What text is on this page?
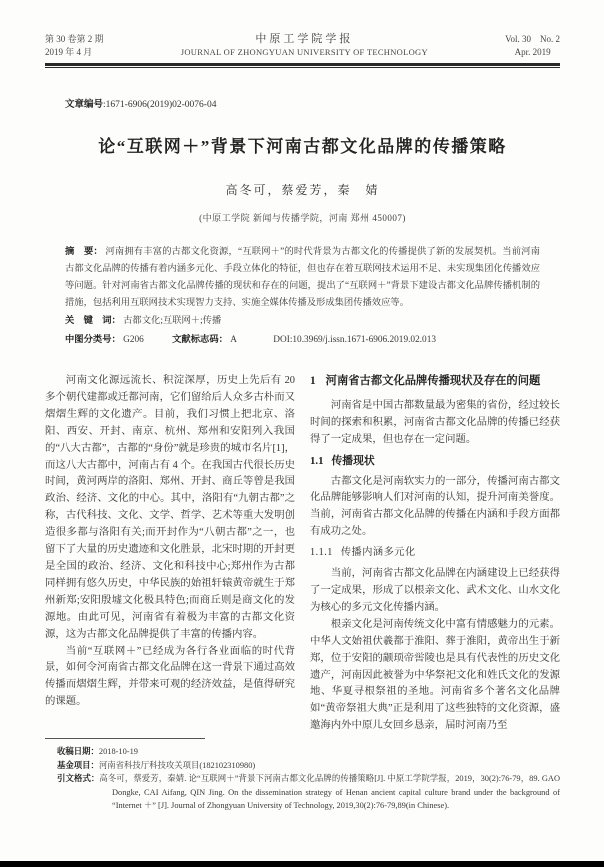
第 30 卷第 2 期
2019 年 4 月
中原工学院学报
JOURNAL OF ZHONGYUAN UNIVERSITY OF TECHNOLOGY
Vol. 30　No. 2
Apr. 2019
文章编号:1671-6906(2019)02-0076-04
论“互联网＋”背景下河南古都文化品牌的传播策略
高冬可，蔡爱芳，秦　婧
(中原工学院 新闻与传播学院，河南 郑州 450007)
摘　要： 河南拥有丰富的古都文化资源，“互联网＋”的时代背景为古都文化的传播提供了新的发展契机。当前河南古都文化品牌的传播有着内涵多元化、手段立体化的特征，但也存在着互联网技术运用不足、未实现集团化传播效应等问题。针对河南省古都文化品牌传播的现状和存在的问题，提出了“互联网＋”背景下建设古都文化品牌传播机制的措施，包括利用互联网技术实现智力支持、实施全媒体传播及形成集团传播效应等。
关　键　词： 古都文化;互联网＋;传播
中图分类号： G206	文献标志码： A	DOI:10.3969/j.issn.1671-6906.2019.02.013

河南文化源远流长、积淀深厚，历史上先后有 20 多个朝代建都或迁都河南，它们留给后人众多古朴而又熠熠生辉的文化遗产。目前，我们习惯上把北京、洛阳、西安、开封、南京、杭州、郑州和安阳列入我国的“八大古都”，古都的“身份”就是珍贵的城市名片[1]，而这八大古都中，河南占有 4 个。在我国古代很长历史时间，黄河两岸的洛阳、郑州、开封、商丘等曾是我国政治、经济、文化的中心。其中，洛阳有“九朝古都”之称，古代科技、文化、文学、哲学、艺术等重大发明创造很多都与洛阳有关;而开封作为“八朝古都”之一，也留下了大量的历史遗迹和文化胜景，北宋时期的开封更是全国的政治、经济、文化和科技中心;郑州作为古都同样拥有悠久历史，中华民族的始祖轩辕黄帝就生于郑州新郑;安阳殷墟文化极具特色;而商丘则是商文化的发源地。由此可见，河南省有着极为丰富的古都文化资源，这为古都文化品牌提供了丰富的传播内容。

当前“互联网＋”已经成为各行各业面临的时代背景，如何令河南省古都文化品牌在这一背景下通过高效传播而熠熠生辉，并带来可观的经济效益，是值得研究的课题。

1 河南省古都文化品牌传播现状及存在的问题

河南省是中国古都数量最为密集的省份，经过较长时间的探索和积累，河南省古都文化品牌的传播已经获得了一定成果，但也存在一定问题。

1.1 传播现状

古都文化是河南软实力的一部分，传播河南古都文化品牌能够影响人们对河南的认知，提升河南美誉度。当前，河南省古都文化品牌的传播在内涵和手段方面都有成功之处。

1.1.1 传播内涵多元化

当前，河南省古都文化品牌在内涵建设上已经获得了一定成果，形成了以根亲文化、武术文化、山水文化为核心的多元文化传播内涵。

根亲文化是河南传统文化中富有情感魅力的元素。中华人文始祖伏羲都于淮阳、葬于淮阳，黄帝出生于新郑，位于安阳的颛顼帝喾陵也是具有代表性的历史文化遗产，河南因此被誉为中华祭祀文化和姓氏文化的发源地、华夏寻根祭祖的圣地。河南省多个著名文化品牌如“黄帝祭祖大典”正是利用了这些独特的文化资源，盛邀海内外中原儿女回乡恳亲，届时河南乃至

收稿日期：2018-10-19
基金项目：河南省科技厅科技攻关项目(182102310980)
引文格式：高冬可，蔡爱芳，秦婧. 论“互联网＋”背景下河南古都文化品牌的传播策略[J]. 中原工学院学报，2019，30(2):76-79，89. GAO Dongke, CAI Aifang, QIN Jing. On the dissemination strategy of Henan ancient capital culture brand under the background of “Internet ＋” [J]. Journal of Zhongyuan University of Technology, 2019,30(2):76-79,89(in Chinese).
